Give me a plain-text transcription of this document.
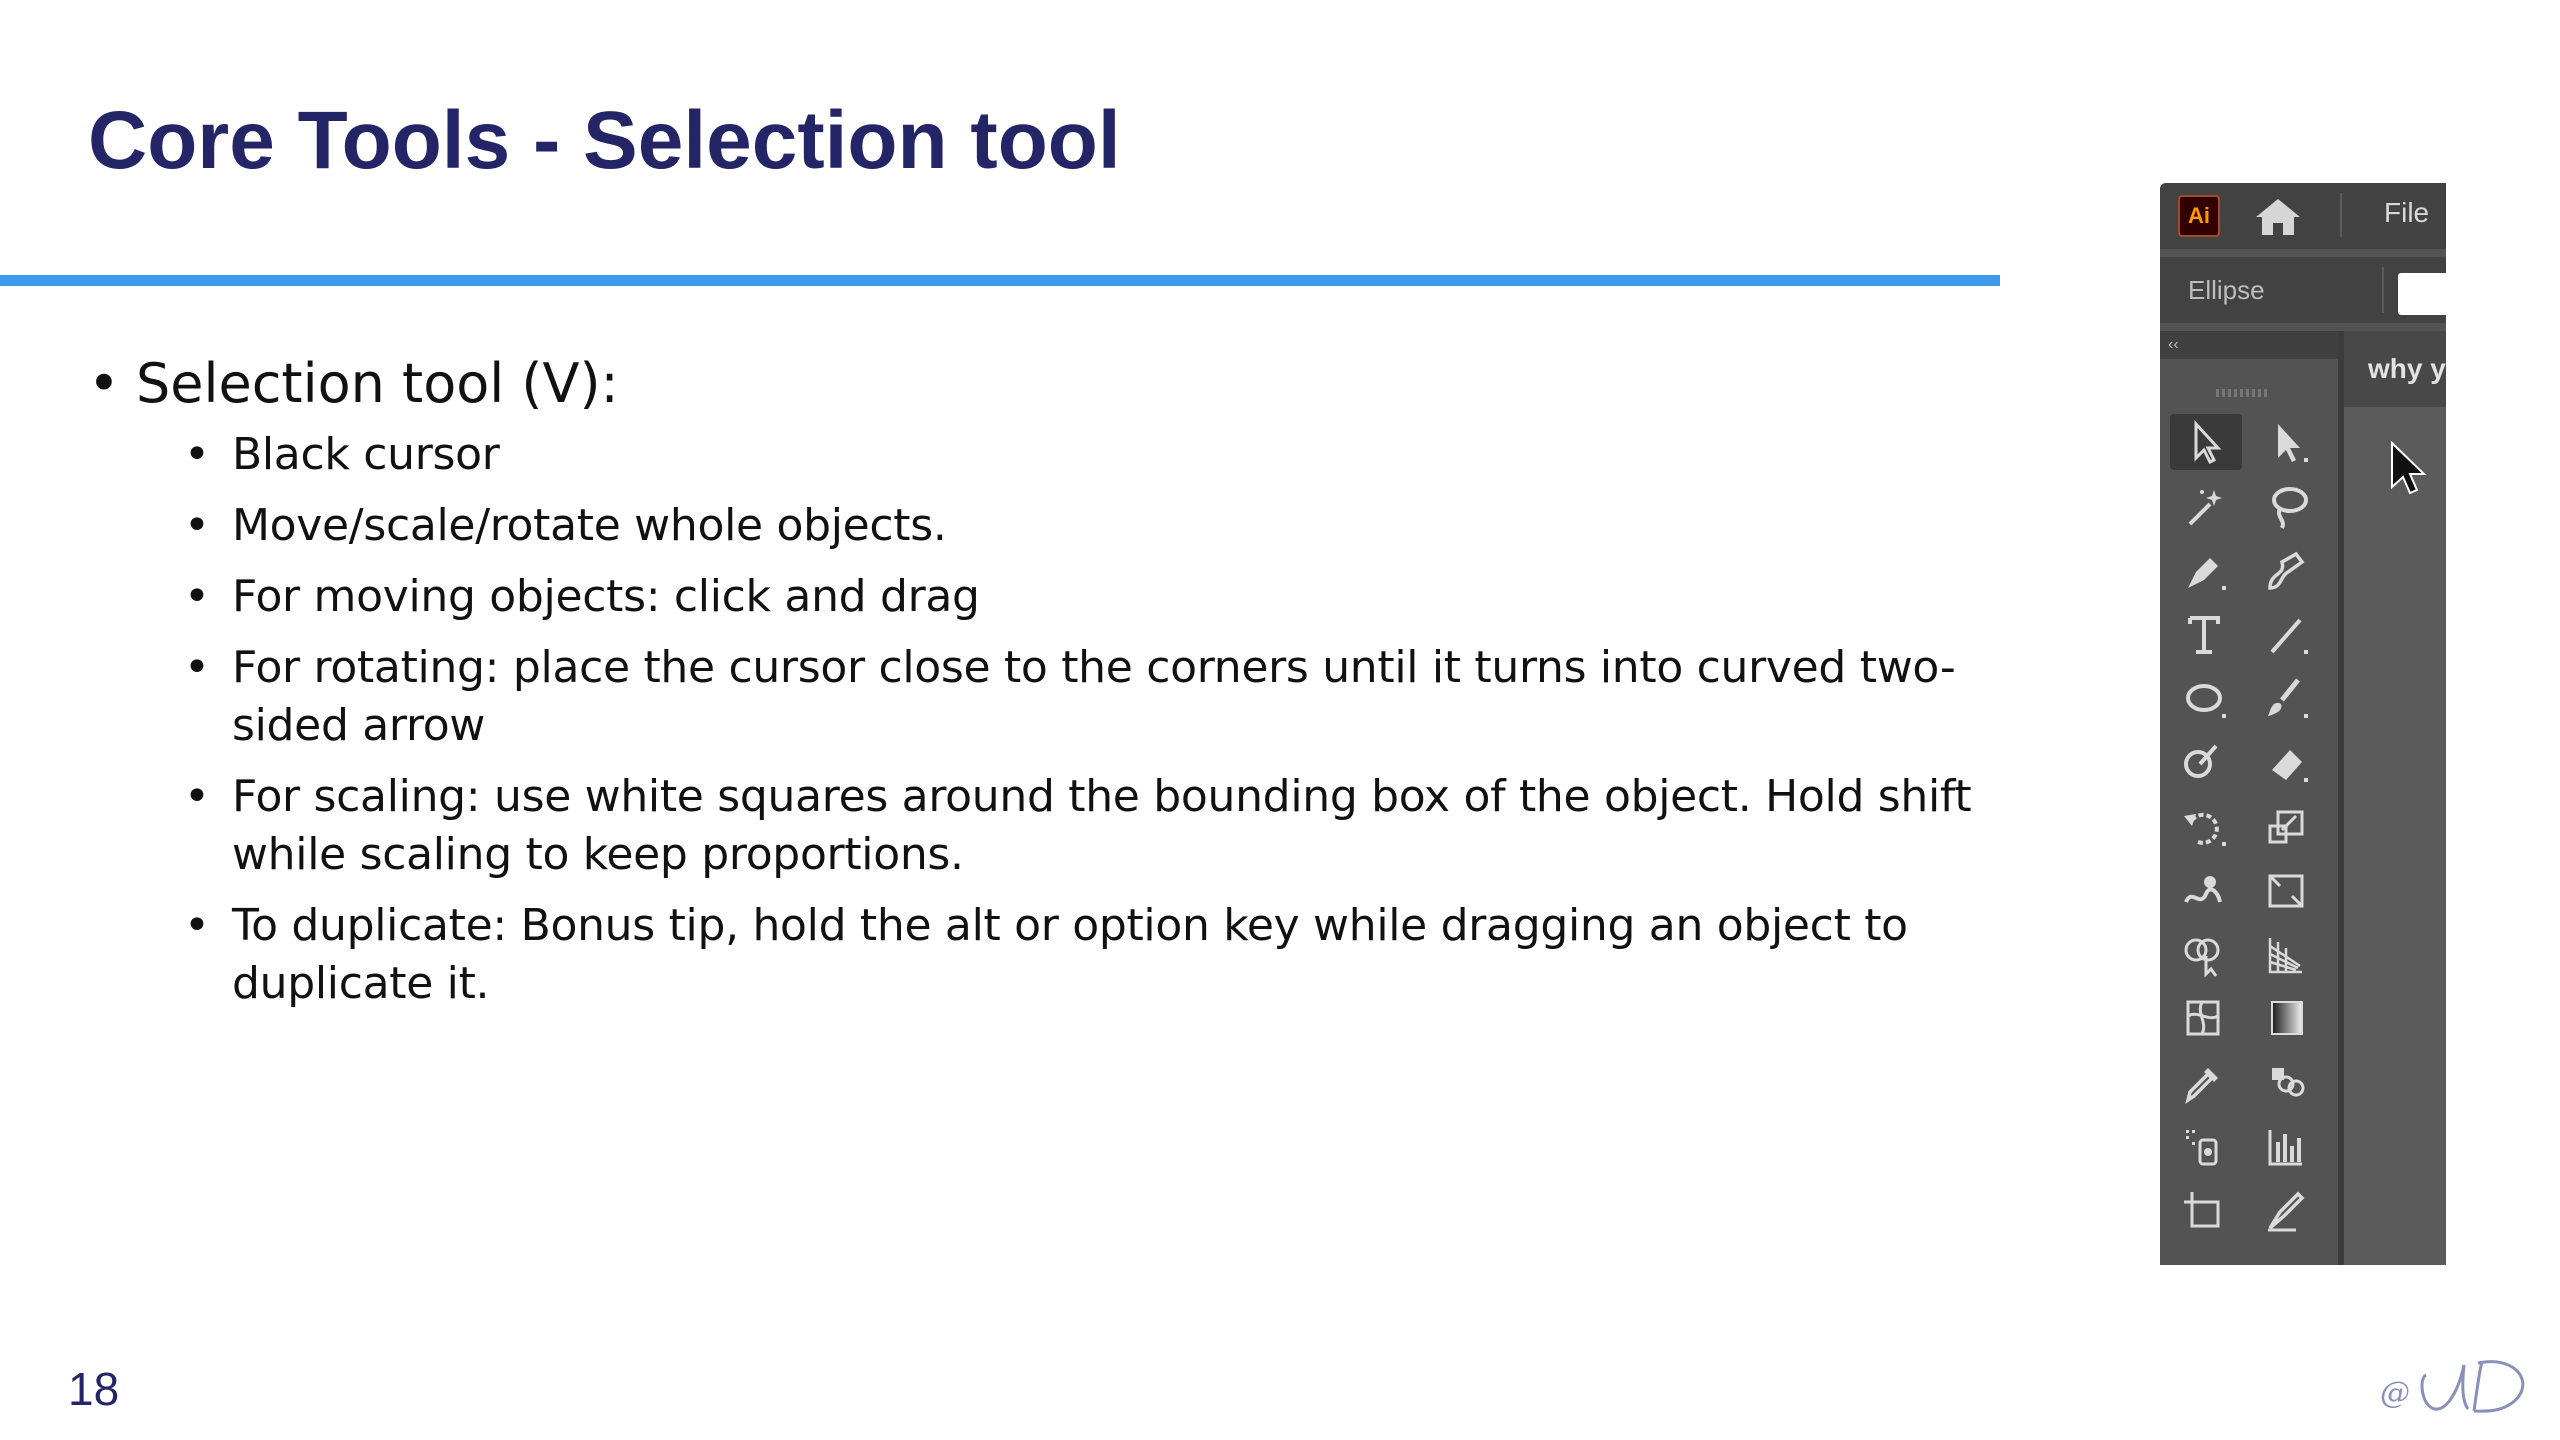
Core Tools - Selection tool

• Selection tool (V):

• Black cursor
• Move/scale/rotate whole objects.
• For moving objects: click and drag
• For rotating: place the cursor close to the corners until it turns into curved two-sided arrow
• For scaling: use white squares around the bounding box of the object. Hold shift while scaling to keep proportions.
• To duplicate: Bonus tip, hold the alt or option key while dragging an object to duplicate it.
18	@
Ai	File
Ellipse
‹‹
why y
